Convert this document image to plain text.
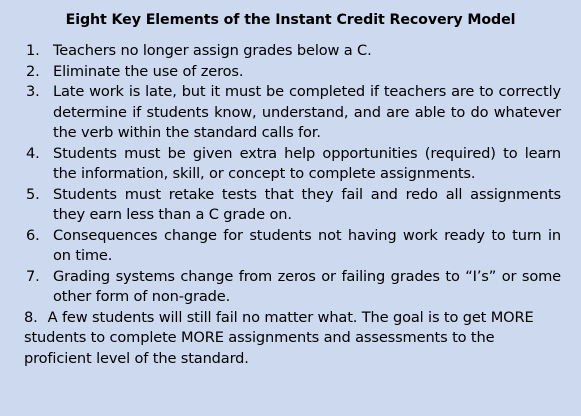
Eight Key Elements of the Instant Credit Recovery Model
1. Teachers no longer assign grades below a C.
2. Eliminate the use of zeros.
3. Late work is late, but it must be completed if teachers are to correctly determine if students know, understand, and are able to do whatever the verb within the standard calls for.
4. Students must be given extra help opportunities (required) to learn the information, skill, or concept to complete assignments.
5. Students must retake tests that they fail and redo all assignments they earn less than a C grade on.
6. Consequences change for students not having work ready to turn in on time.
7. Grading systems change from zeros or failing grades to “I’s” or some other form of non-grade.
8. A few students will still fail no matter what. The goal is to get MORE students to complete MORE assignments and assessments to the proficient level of the standard.
